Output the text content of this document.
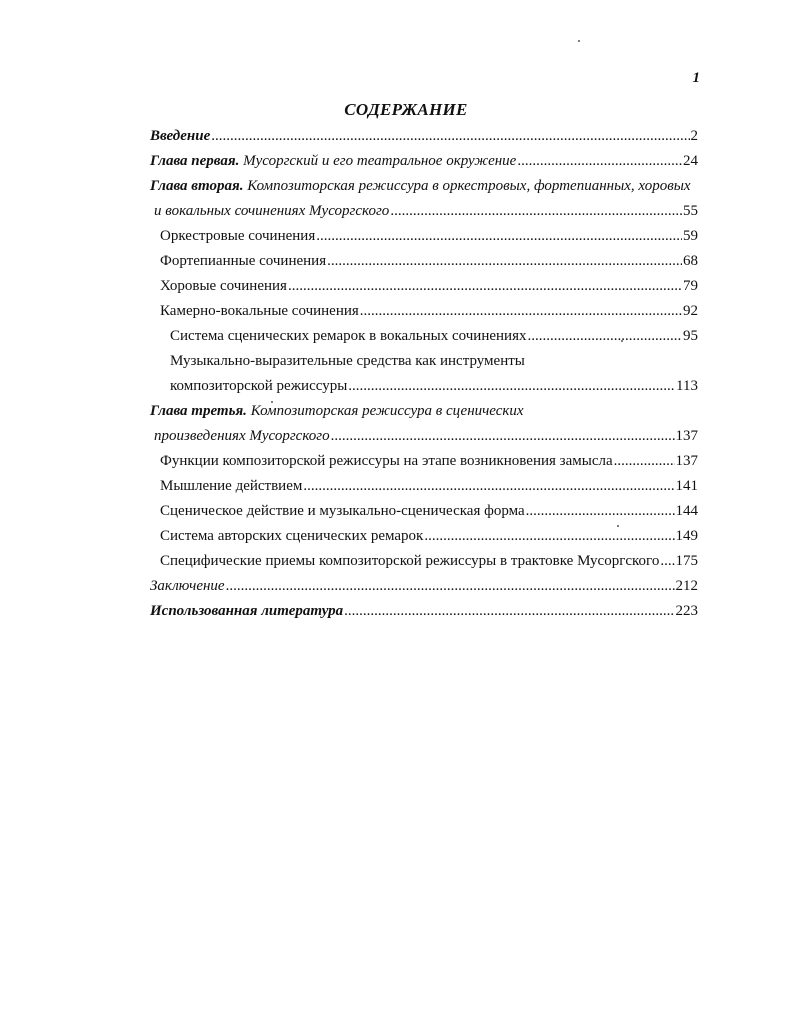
1
СОДЕРЖАНИЕ
Введение .....	2
Глава первая. Мусоргский и его театральное окружение .....	24
Глава вторая. Композиторская режиссура в оркестровых, фортепианных, хоровых
и вокальных сочинениях Мусоргского .....	55
Оркестровые сочинения .....	59
Фортепианные сочинения .....	68
Хоровые сочинения .....	79
Камерно-вокальные сочинения .....	92
Система сценических ремарок в вокальных сочинениях .....	95
Музыкально-выразительные средства как инструменты
композиторской режиссуры .....	113
Глава третья. Композиторская режиссура в сценических
произведениях Мусоргского .....	137
Функции композиторской режиссуры на этапе возникновения замысла .....	137
Мышление действием .....	141
Сценическое действие и музыкально-сценическая форма .....	144
Система авторских сценических ремарок .....	149
Специфические приемы композиторской режиссуры в трактовке Мусоргского ..... 175
Заключение .....	212
Использованная литература .....	223
